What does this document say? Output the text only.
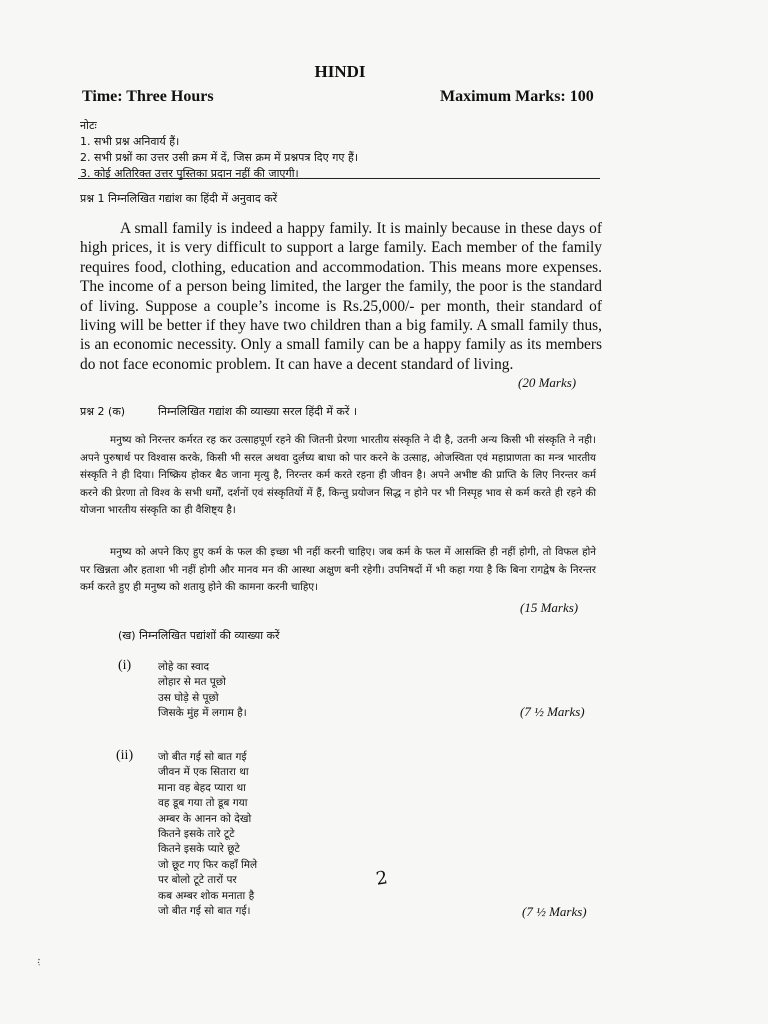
HINDI
Time: Three Hours	Maximum Marks: 100
नोटः
1. सभी प्रश्न अनिवार्य हैं।
2. सभी प्रश्नों का उत्तर उसी क्रम में दें, जिस क्रम में प्रश्नपत्र दिए गए हैं।
3. कोई अतिरिक्त उत्तर पुस्तिका प्रदान नहीं की जाएगी।
प्रश्न 1 निम्नलिखित गद्यांश का हिंदी में अनुवाद करें
A small family is indeed a happy family. It is mainly because in these days of high prices, it is very difficult to support a large family. Each member of the family requires food, clothing, education and accommodation. This means more expenses. The income of a person being limited, the larger the family, the poor is the standard of living. Suppose a couple’s income is Rs.25,000/- per month, their standard of living will be better if they have two children than a big family. A small family thus, is an economic necessity. Only a small family can be a happy family as its members do not face economic problem. It can have a decent standard of living.
(20 Marks)
प्रश्न 2 (क)	निम्नलिखित गद्यांश की व्याख्या सरल हिंदी में करें ।
मनुष्य को निरन्तर कर्मरत रह कर उत्साहपूर्ण रहने की जितनी प्रेरणा भारतीय संस्कृति ने दी है, उतनी अन्य किसी भी संस्कृति ने नही। अपने पुरुषार्थ पर विश्वास करके, किसी भी सरल अथवा दुर्लघ्य बाधा को पार करने के उत्साह, ओजस्विता एवं महाप्राणता का मन्त्र भारतीय संस्कृति ने ही दिया। निष्क्रिय होकर बैठ जाना मृत्यु है, निरन्तर कर्म करते रहना ही जीवन है। अपने अभीष्ट की प्राप्ति के लिए निरन्तर कर्म करने की प्रेरणा तो विश्व के सभी धर्मों, दर्शनों एवं संस्कृतियों में हैं, किन्तु प्रयोजन सिद्ध न होने पर भी निस्पृह भाव से कर्म करते ही रहने की योजना भारतीय संस्कृति का ही वैशिष्ट्य है।
मनुष्य को अपने किए हुए कर्म के फल की इच्छा भी नहीं करनी चाहिए। जब कर्म के फल में आसक्ति ही नहीं होगी, तो विफल होने पर खिन्नता और हताशा भी नहीं होगी और मानव मन की आस्था अक्षुण बनी रहेगी। उपनिषदों में भी कहा गया है कि बिना रागद्वेष के निरन्तर कर्म करते हुए ही मनुष्य को शतायु होने की कामना करनी चाहिए।
(15 Marks)
(ख) निम्नलिखित पद्यांशों की व्याख्या करें
(i)	लोहे का स्वाद
लोहार से मत पूछो
उस घोड़े से पूछो
जिसके मुंह में लगाम है।	(7 ½ Marks)
(ii) जो बीत गई सो बात गई
जीवन में एक सितारा था
माना वह बेहद प्यारा था
वह डूब गया तो डूब गया
अम्बर के आनन को देखो
कितने इसके तारे टूटे
कितने इसके प्यारे छूटे
जो छूट गए फिर कहाँ मिले
पर बोलो टूटे तारों पर
कब अम्बर शोक मनाता है
जो बीत गई सो बात गई।	(7 ½ Marks)
2
